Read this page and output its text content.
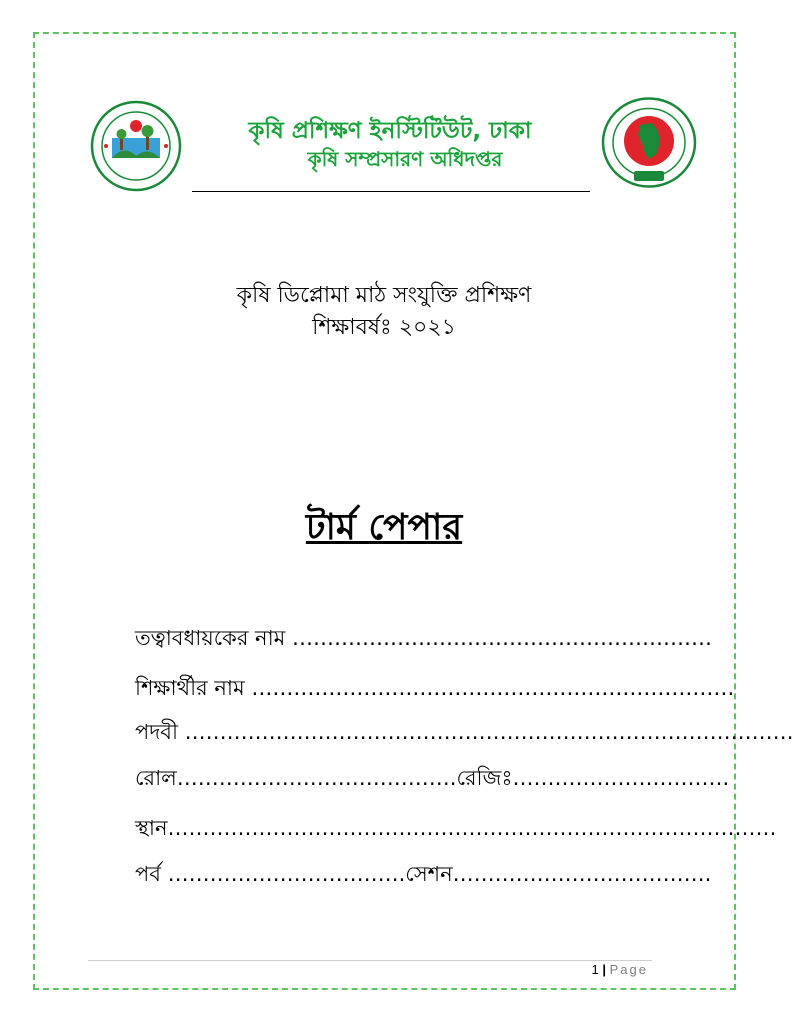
কৃষি প্রশিক্ষণ ইনস্টিটিউট, ঢাকা
কৃষি সম্প্রসারণ অধিদপ্তর
কৃষি ডিপ্লোমা মাঠ সংযুক্তি প্রশিক্ষণ
শিক্ষাবর্ষঃ ২০২১
টার্ম পেপার
তত্বাবধায়কের নাম ……………………………………………………
শিক্ষার্থীর নাম ……………………………………………………………
পদবী ……………………………………………………………………………
রোল………………………………….রেজিঃ………………………….
স্থান……………………………………………………………………………
পর্ব …………………………….সেশন……………………………….
1 | Page
